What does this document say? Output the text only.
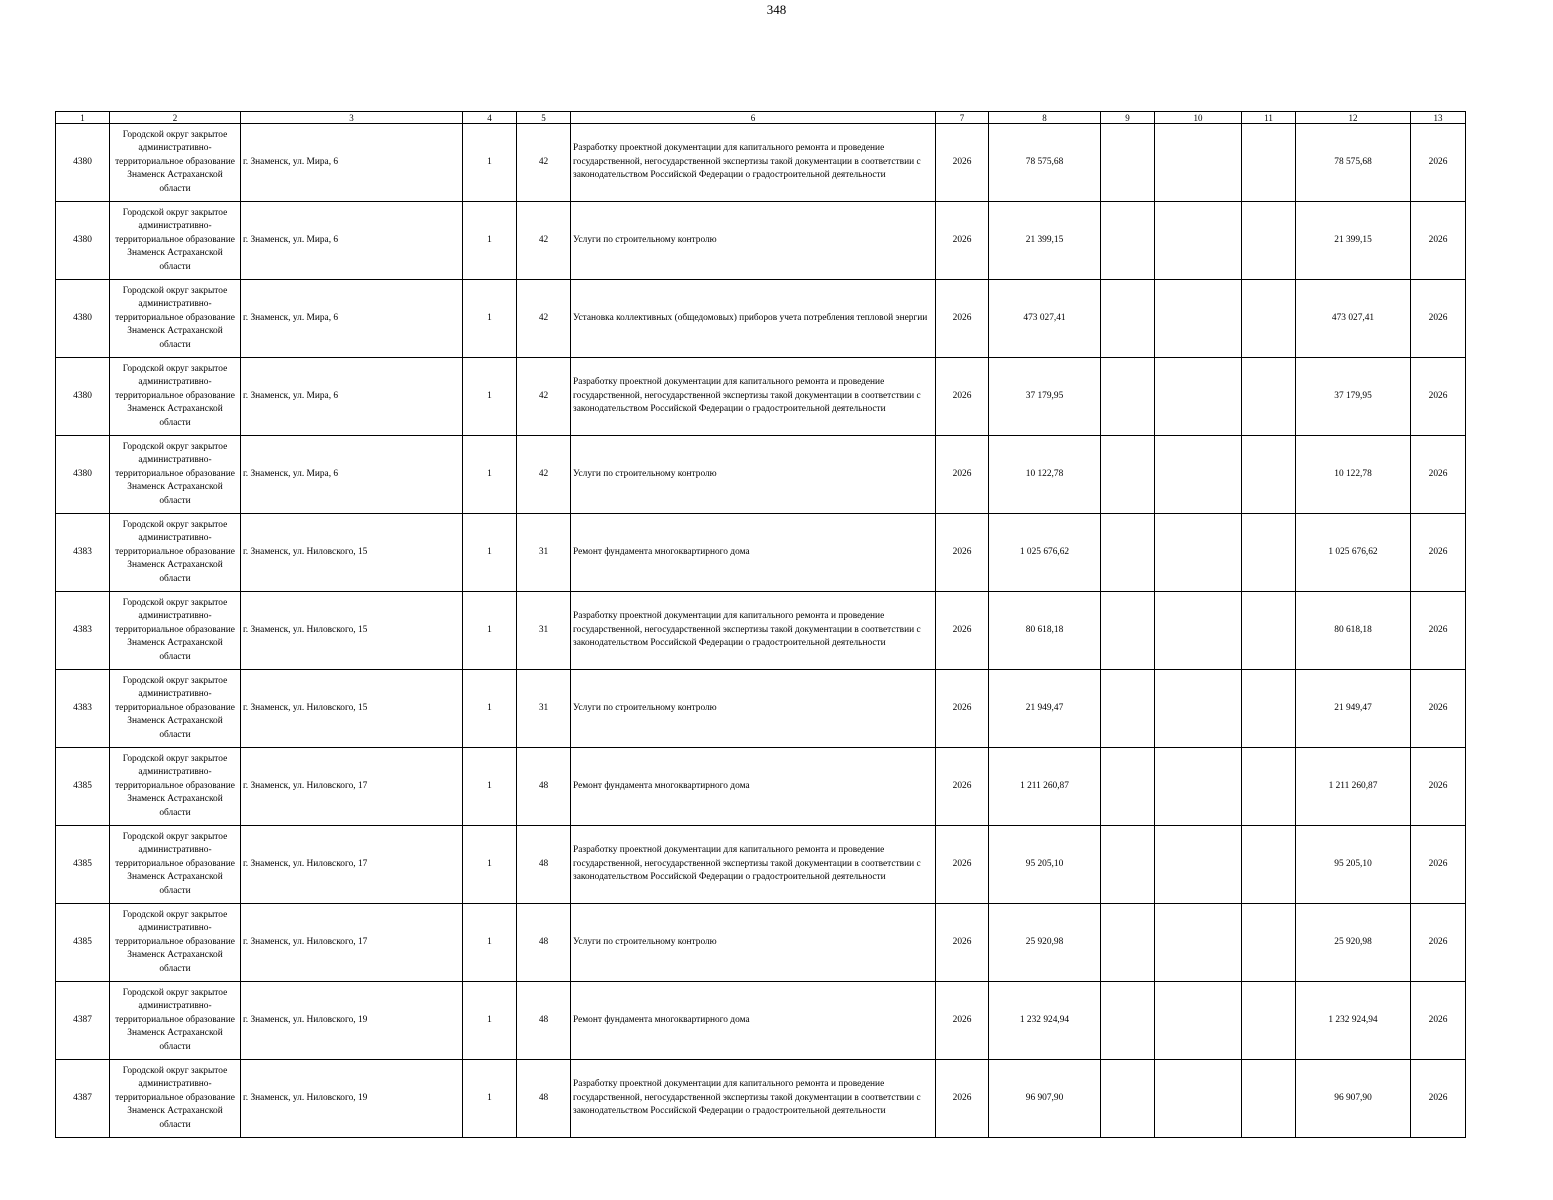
348
1	2	3	4	5	6	7	8	9	10	11	12	13
4380	Городской округ закрытое административно-территориальное образование Знаменск Астраханской области	г. Знаменск, ул. Мира, 6	1	42	Разработку проектной документации для капитального ремонта и проведение государственной, негосударственной экспертизы такой документации в соответствии с законодательством Российской Федерации о градостроительной деятельности	2026	78 575,68				78 575,68	2026
4380	Городской округ закрытое административно-территориальное образование Знаменск Астраханской области	г. Знаменск, ул. Мира, 6	1	42	Услуги по строительному контролю	2026	21 399,15				21 399,15	2026
4380	Городской округ закрытое административно-территориальное образование Знаменск Астраханской области	г. Знаменск, ул. Мира, 6	1	42	Установка коллективных (общедомовых) приборов учета потребления тепловой энергии	2026	473 027,41				473 027,41	2026
4380	Городской округ закрытое административно-территориальное образование Знаменск Астраханской области	г. Знаменск, ул. Мира, 6	1	42	Разработку проектной документации для капитального ремонта и проведение государственной, негосударственной экспертизы такой документации в соответствии с законодательством Российской Федерации о градостроительной деятельности	2026	37 179,95				37 179,95	2026
4380	Городской округ закрытое административно-территориальное образование Знаменск Астраханской области	г. Знаменск, ул. Мира, 6	1	42	Услуги по строительному контролю	2026	10 122,78				10 122,78	2026
4383	Городской округ закрытое административно-территориальное образование Знаменск Астраханской области	г. Знаменск, ул. Ниловского, 15	1	31	Ремонт фундамента многоквартирного дома	2026	1 025 676,62				1 025 676,62	2026
4383	Городской округ закрытое административно-территориальное образование Знаменск Астраханской области	г. Знаменск, ул. Ниловского, 15	1	31	Разработку проектной документации для капитального ремонта и проведение государственной, негосударственной экспертизы такой документации в соответствии с законодательством Российской Федерации о градостроительной деятельности	2026	80 618,18				80 618,18	2026
4383	Городской округ закрытое административно-территориальное образование Знаменск Астраханской области	г. Знаменск, ул. Ниловского, 15	1	31	Услуги по строительному контролю	2026	21 949,47				21 949,47	2026
4385	Городской округ закрытое административно-территориальное образование Знаменск Астраханской области	г. Знаменск, ул. Ниловского, 17	1	48	Ремонт фундамента многоквартирного дома	2026	1 211 260,87				1 211 260,87	2026
4385	Городской округ закрытое административно-территориальное образование Знаменск Астраханской области	г. Знаменск, ул. Ниловского, 17	1	48	Разработку проектной документации для капитального ремонта и проведение государственной, негосударственной экспертизы такой документации в соответствии с законодательством Российской Федерации о градостроительной деятельности	2026	95 205,10				95 205,10	2026
4385	Городской округ закрытое административно-территориальное образование Знаменск Астраханской области	г. Знаменск, ул. Ниловского, 17	1	48	Услуги по строительному контролю	2026	25 920,98				25 920,98	2026
4387	Городской округ закрытое административно-территориальное образование Знаменск Астраханской области	г. Знаменск, ул. Ниловского, 19	1	48	Ремонт фундамента многоквартирного дома	2026	1 232 924,94				1 232 924,94	2026
4387	Городской округ закрытое административно-территориальное образование Знаменск Астраханской области	г. Знаменск, ул. Ниловского, 19	1	48	Разработку проектной документации для капитального ремонта и проведение государственной, негосударственной экспертизы такой документации в соответствии с законодательством Российской Федерации о градостроительной деятельности	2026	96 907,90				96 907,90	2026
